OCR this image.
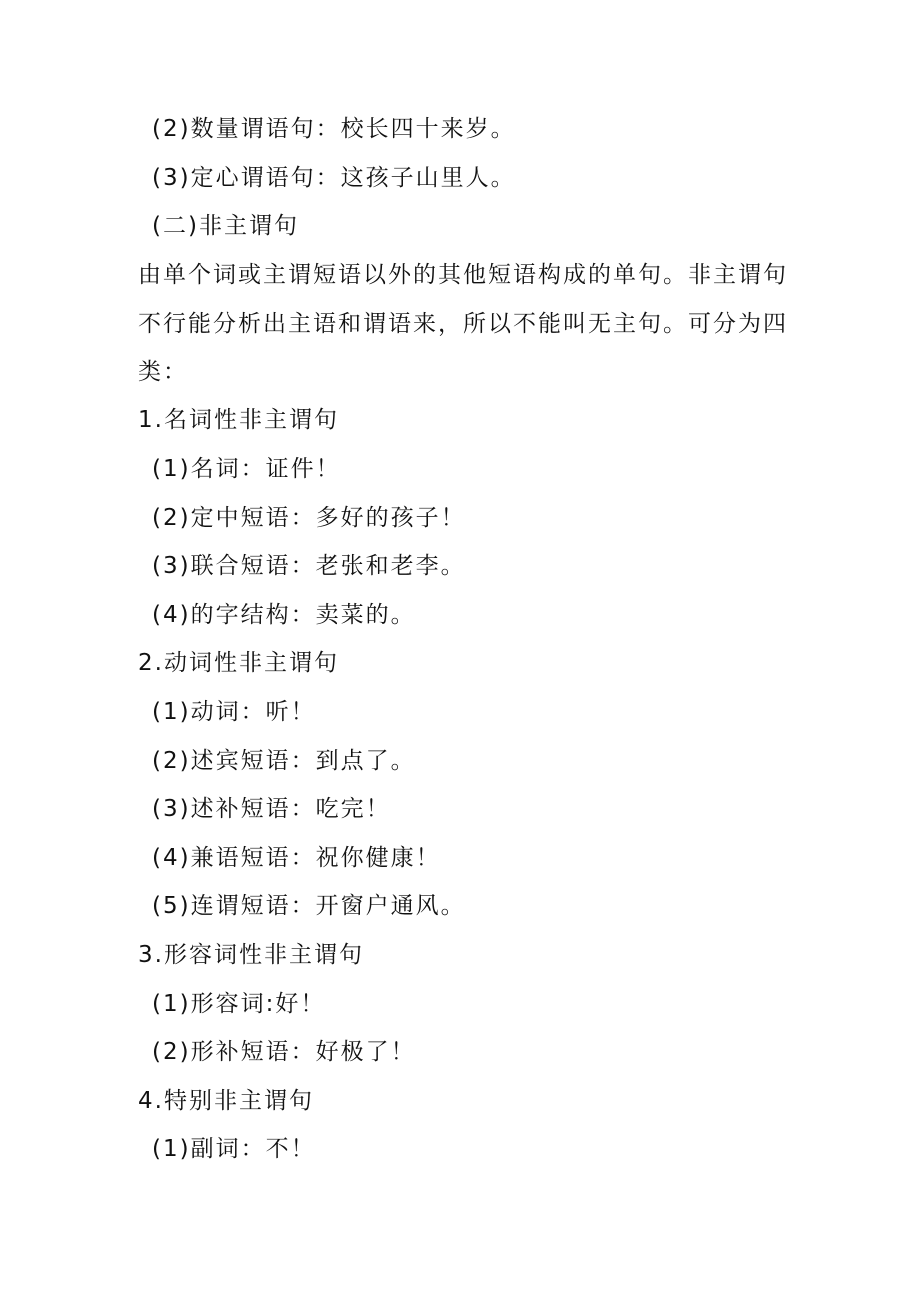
(2)数量谓语句：校长四十来岁。
(3)定心谓语句：这孩子山里人。
(二)非主谓句
由单个词或主谓短语以外的其他短语构成的单句。非主谓句
不行能分析出主语和谓语来，所以不能叫无主句。可分为四
类：
1.名词性非主谓句
(1)名词：证件！
(2)定中短语：多好的孩子！
(3)联合短语：老张和老李。
(4)的字结构：卖菜的。
2.动词性非主谓句
(1)动词：听！
(2)述宾短语：到点了。
(3)述补短语：吃完！
(4)兼语短语：祝你健康！
(5)连谓短语：开窗户通风。
3.形容词性非主谓句
(1)形容词:好！
(2)形补短语：好极了！
4.特别非主谓句
(1)副词：不！
